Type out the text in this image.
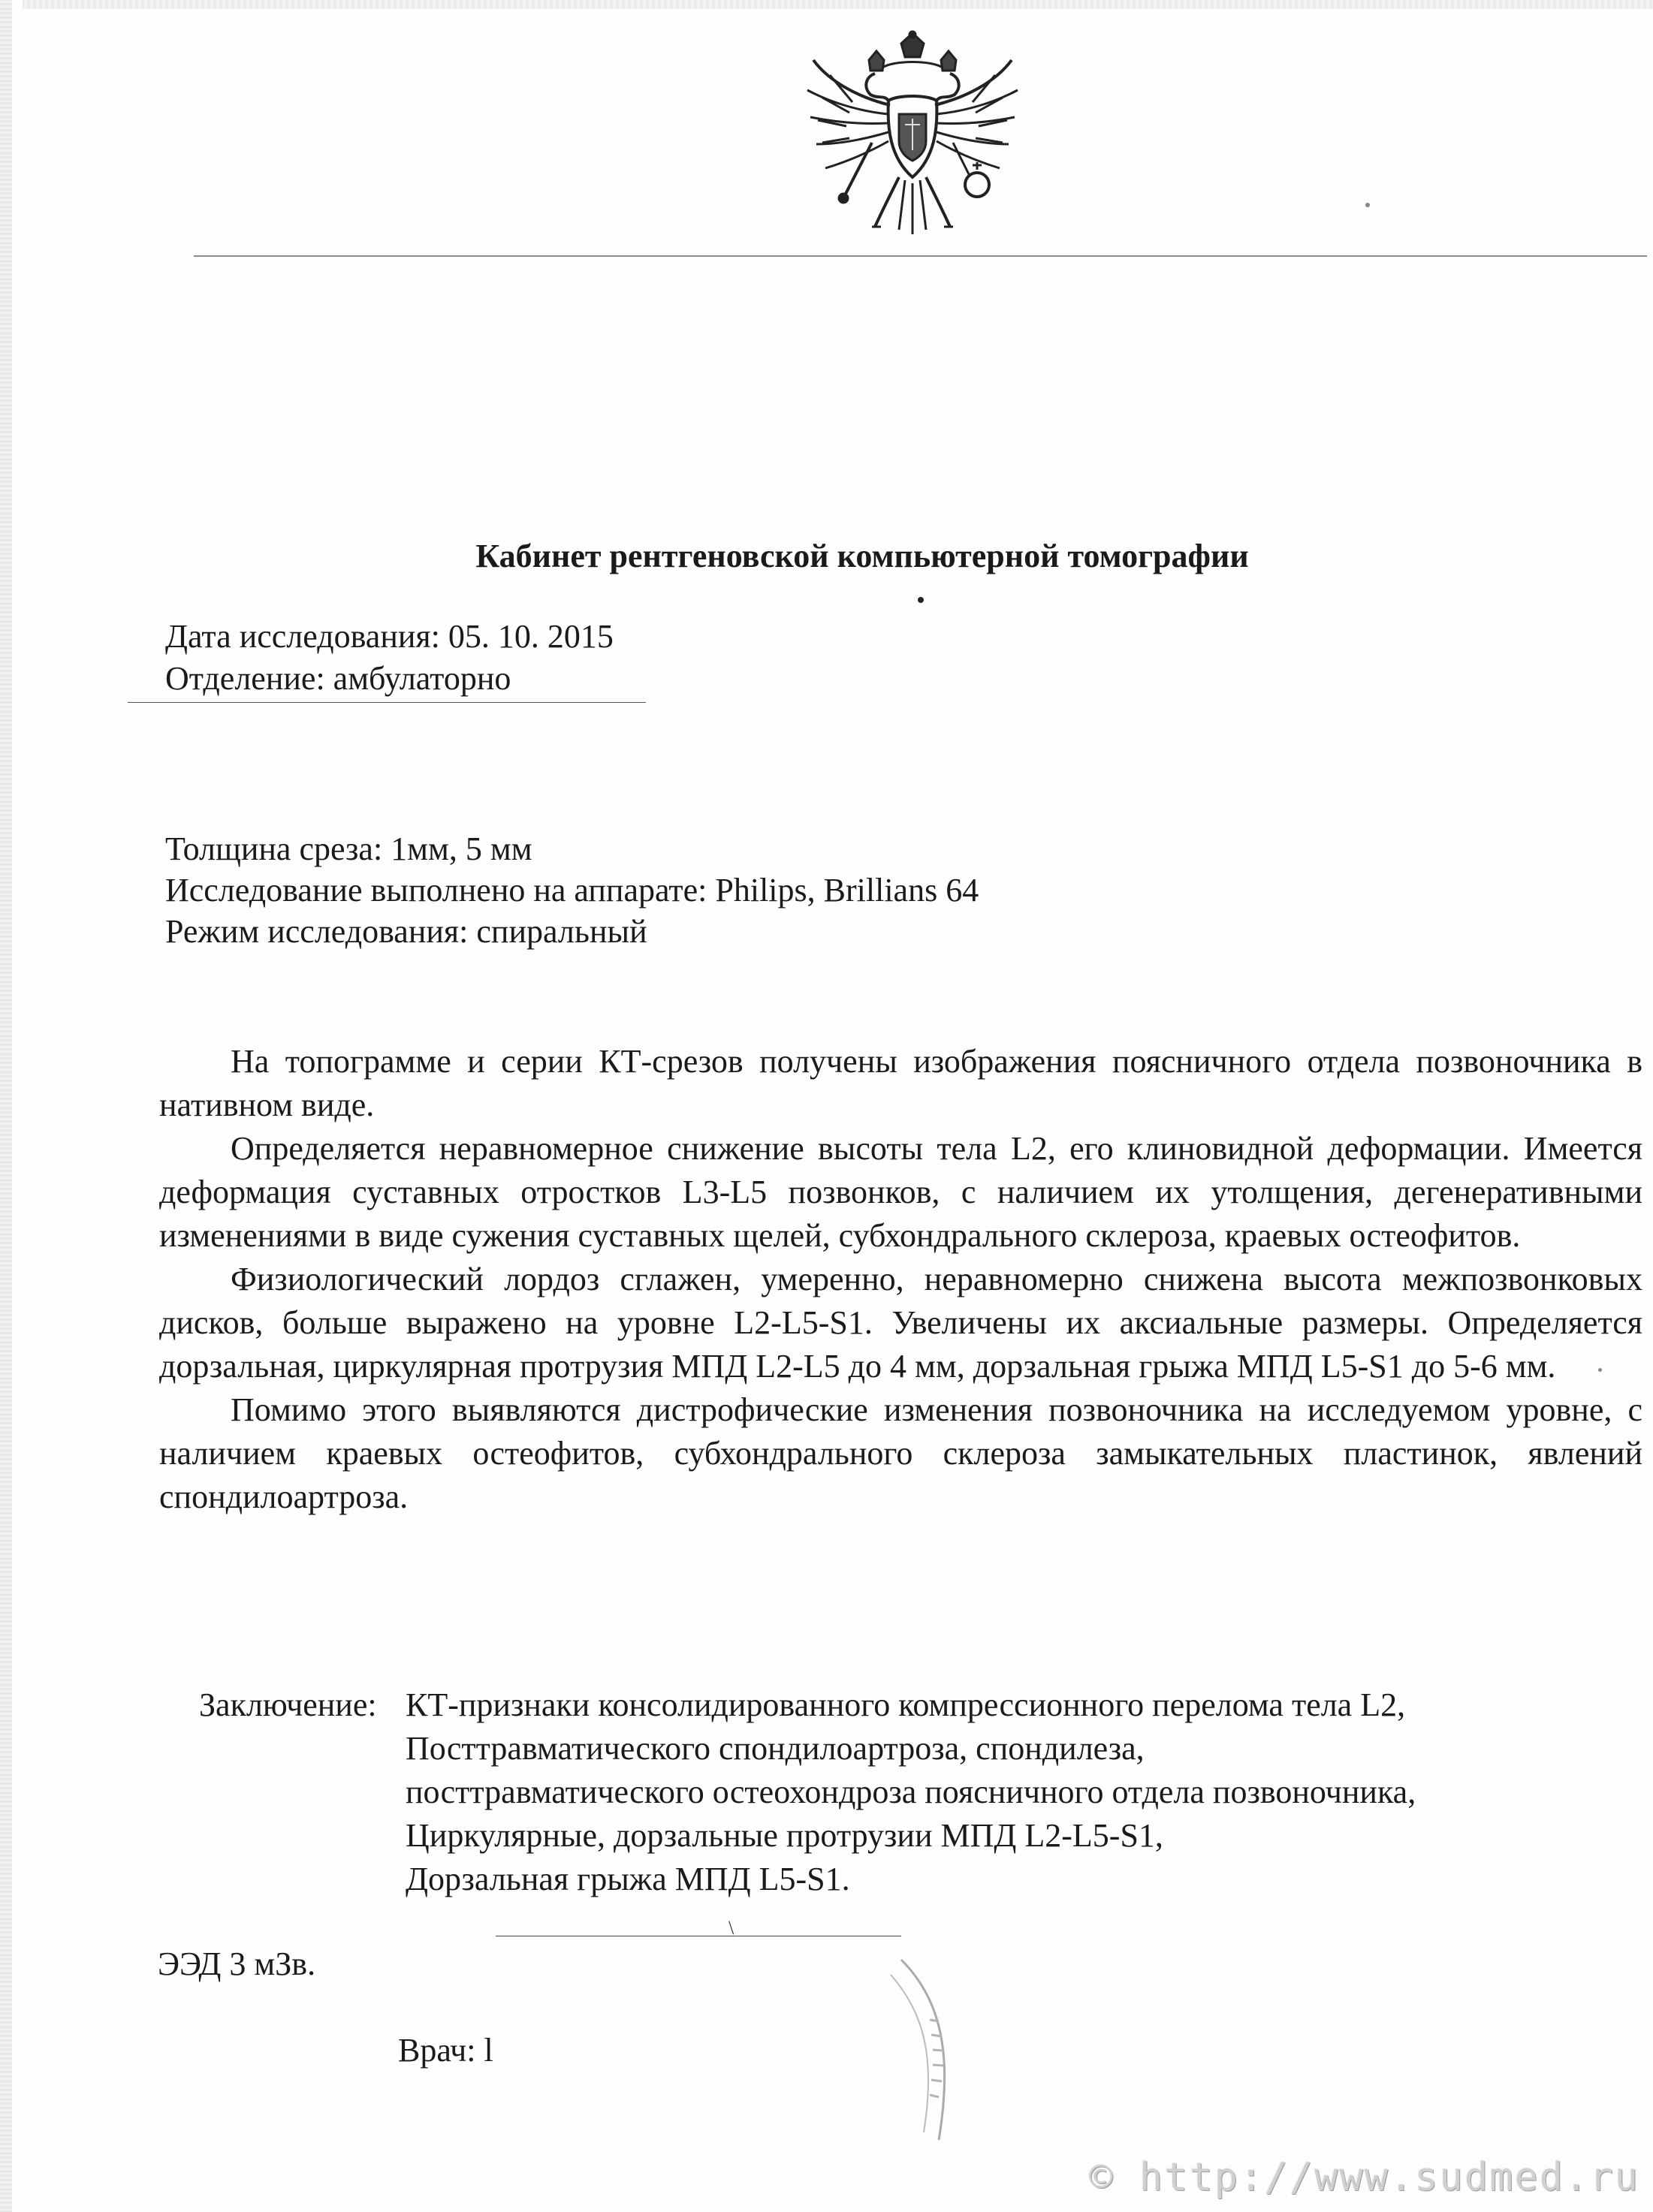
Кабинет рентгеновской компьютерной томографии
Дата исследования: 05. 10. 2015
Отделение: амбулаторно
Толщина среза: 1мм, 5 мм
Исследование выполнено на аппарате: Philips, Brillians 64
Режим исследования: спиральный

На топограмме и серии КТ-срезов получены изображения поясничного отдела позвоночника в нативном виде.

Определяется неравномерное снижение высоты тела L2, его клиновидной деформации. Имеется деформация суставных отростков L3-L5 позвонков, с наличием их утолщения, дегенеративными изменениями в виде сужения суставных щелей, субхондрального склероза, краевых остеофитов.

Физиологический лордоз сглажен, умеренно, неравномерно снижена высота межпозвонковых дисков, больше выражено на уровне L2-L5-S1. Увеличены их аксиальные размеры. Определяется дорзальная, циркулярная протрузия МПД L2-L5 до 4 мм, дорзальная грыжа МПД L5-S1 до 5-6 мм.

Помимо этого выявляются дистрофические изменения позвоночника на исследуемом уровне, с наличием краевых остеофитов, субхондрального склероза замыкательных пластинок, явлений спондилоартроза.

Заключение: КТ-признаки консолидированного компрессионного перелома тела L2,
Посттравматического спондилоартроза, спондилеза,
посттравматического остеохондроза поясничного отдела позвоночника,
Циркулярные, дорзальные протрузии МПД L2-L5-S1,
Дорзальная грыжа МПД L5-S1.
\
ЭЭД 3 мЗв.
Врач: l
© http://www.sudmed.ru
